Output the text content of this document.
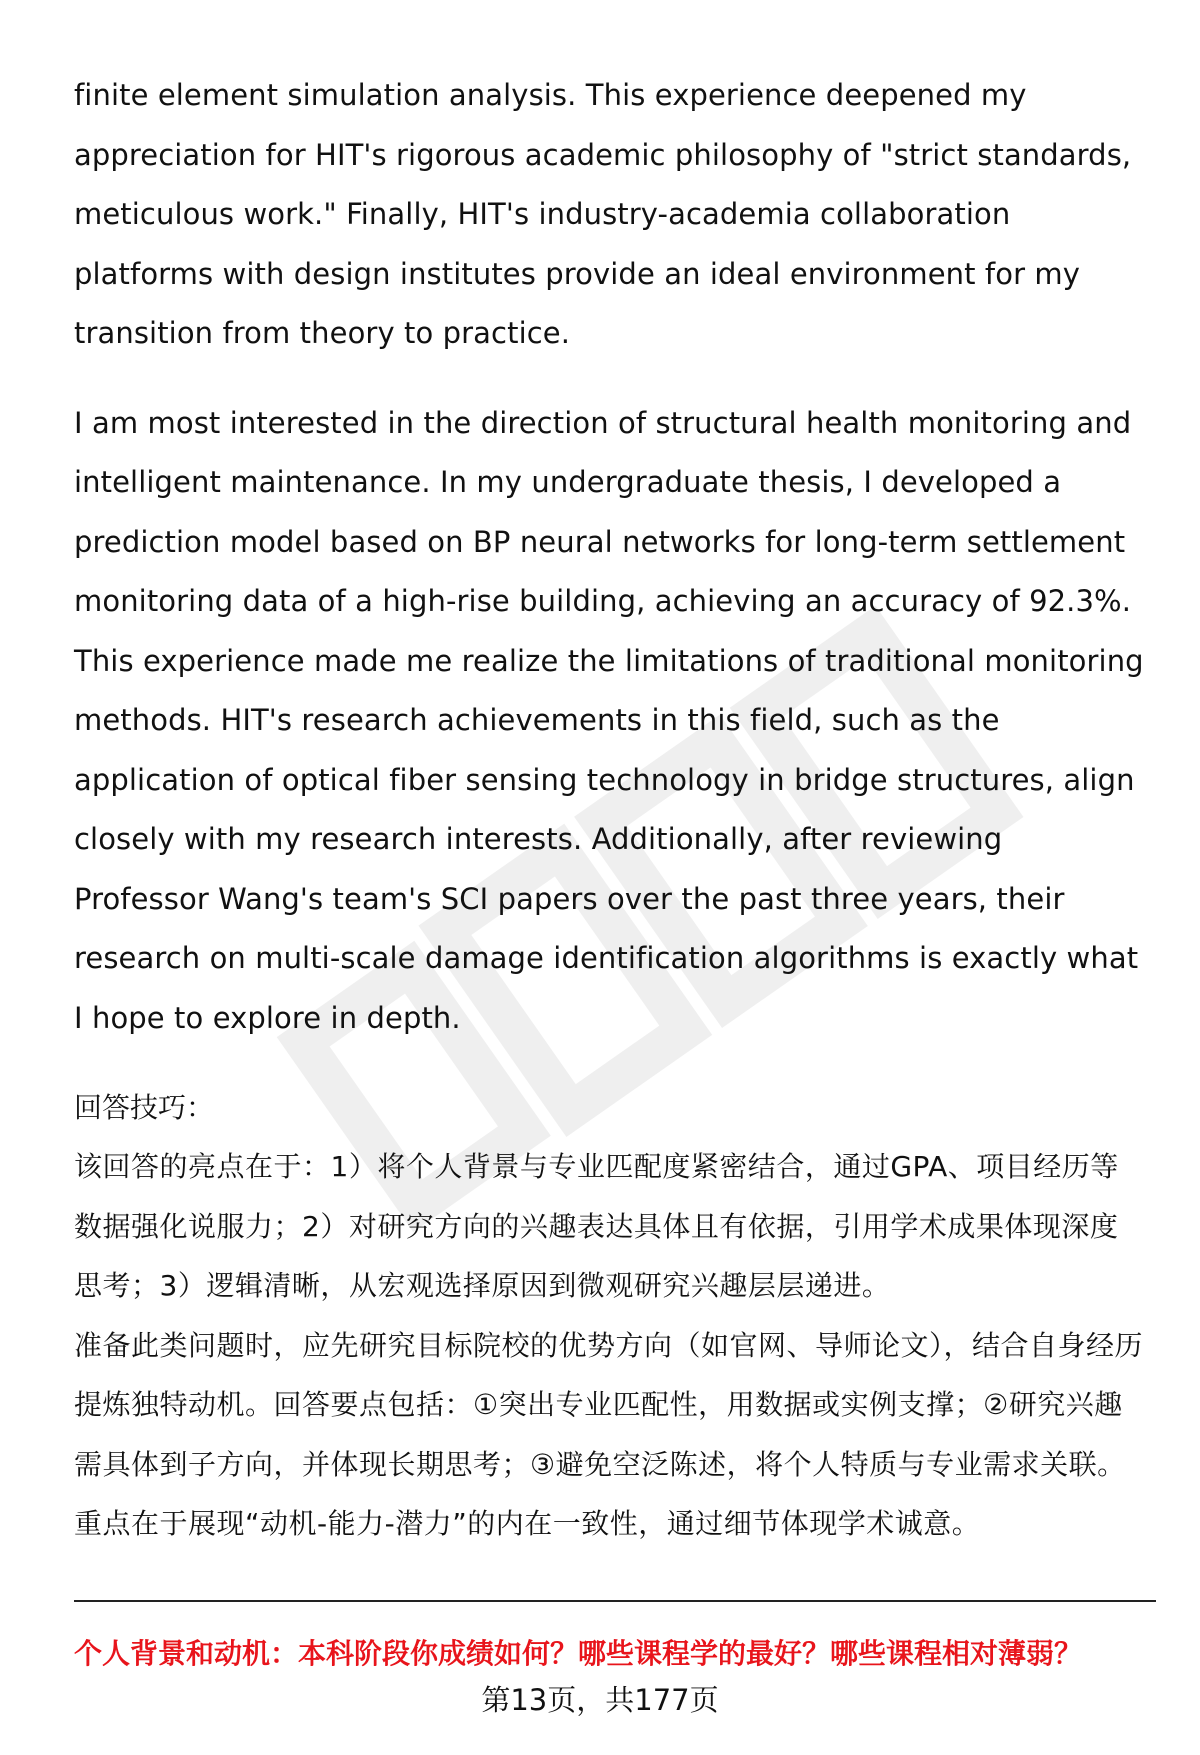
finite element simulation analysis. This experience deepened my appreciation for HIT's rigorous academic philosophy of "strict standards, meticulous work." Finally, HIT's industry-academia collaboration platforms with design institutes provide an ideal environment for my transition from theory to practice.

I am most interested in the direction of structural health monitoring and intelligent maintenance. In my undergraduate thesis, I developed a prediction model based on BP neural networks for long-term settlement monitoring data of a high-rise building, achieving an accuracy of 92.3%. This experience made me realize the limitations of traditional monitoring methods. HIT's research achievements in this field, such as the application of optical fiber sensing technology in bridge structures, align closely with my research interests. Additionally, after reviewing Professor Wang's team's SCI papers over the past three years, their research on multi-scale damage identification algorithms is exactly what I hope to explore in depth.

回答技巧：

该回答的亮点在于：1）将个人背景与专业匹配度紧密结合，通过GPA、项目经历等数据强化说服力；2）对研究方向的兴趣表达具体且有依据，引用学术成果体现深度思考；3）逻辑清晰，从宏观选择原因到微观研究兴趣层层递进。

准备此类问题时，应先研究目标院校的优势方向（如官网、导师论文），结合自身经历提炼独特动机。回答要点包括：①突出专业匹配性，用数据或实例支撑；②研究兴趣需具体到子方向，并体现长期思考；③避免空泛陈述，将个人特质与专业需求关联。重点在于展现“动机-能力-潜力”的内在一致性，通过细节体现学术诚意。

个人背景和动机：本科阶段你成绩如何？哪些课程学的最好？哪些课程相对薄弱？
第13页，共177页
